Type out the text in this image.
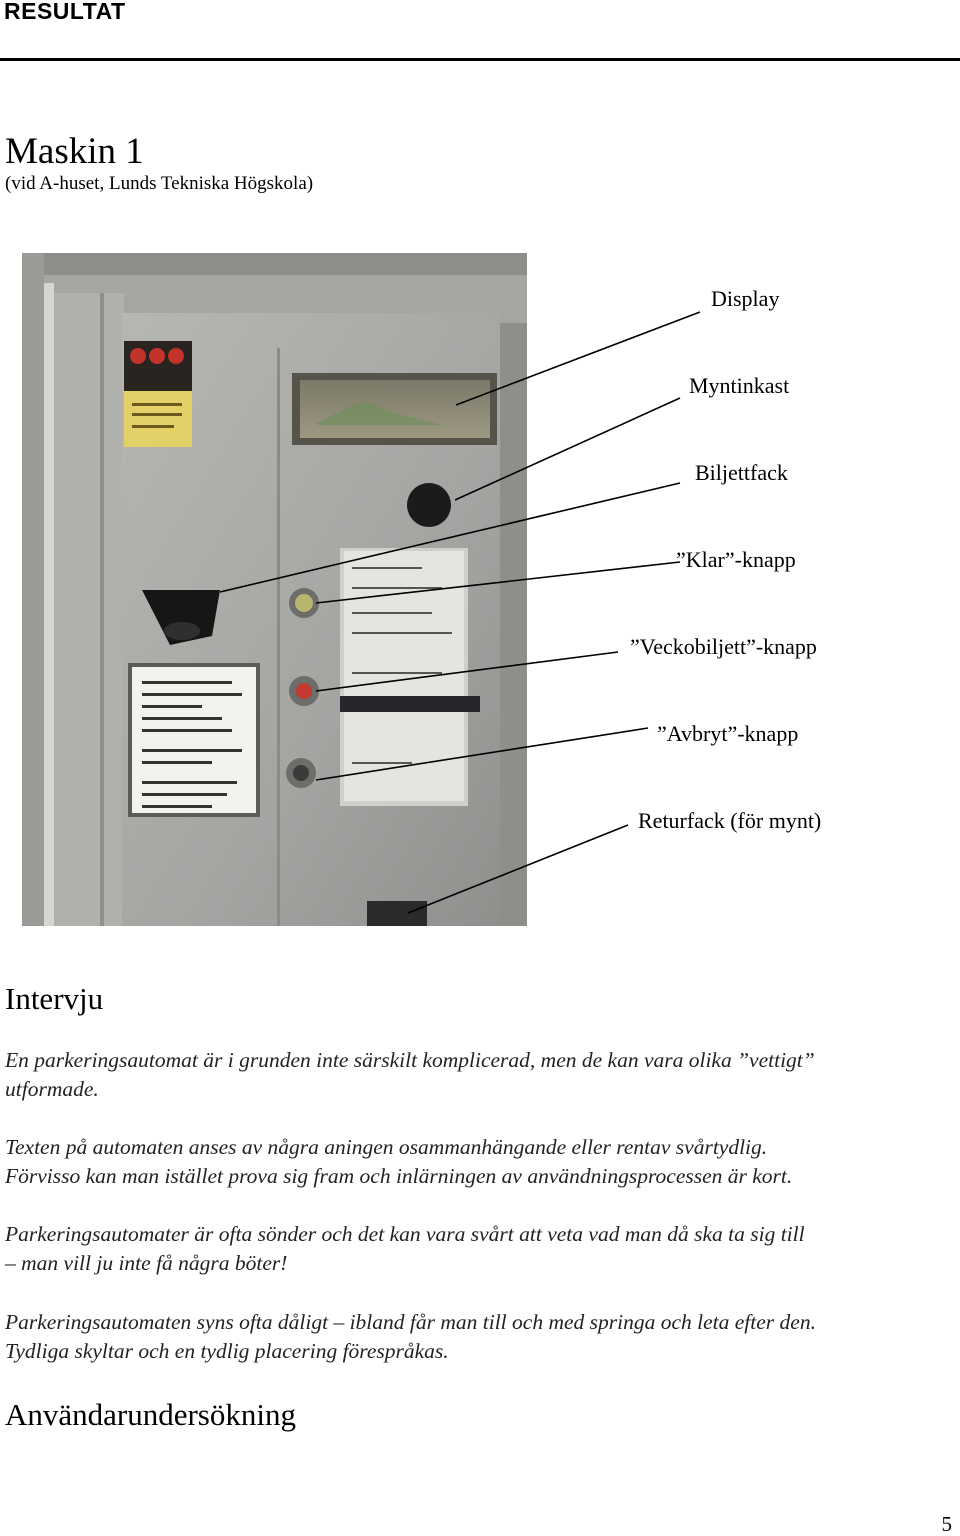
RESULTAT
Maskin 1
(vid A-huset, Lunds Tekniska Högskola)
Display
Myntinkast
Biljettfack
”Klar”-knapp
”Veckobiljett”-knapp
”Avbryt”-knapp
Returfack (för mynt)
Intervju
En parkeringsautomat är i grunden inte särskilt komplicerad, men de kan vara olika ”vettigt”
utformade.
Texten på automaten anses av några aningen osammanhängande eller rentav svårtydlig.
Förvisso kan man istället prova sig fram och inlärningen av användningsprocessen är kort.
Parkeringsautomater är ofta sönder och det kan vara svårt att veta vad man då ska ta sig till
– man vill ju inte få några böter!
Parkeringsautomaten syns ofta dåligt – ibland får man till och med springa och leta efter den.
Tydliga skyltar och en tydlig placering förespråkas.
Användarundersökning
5
